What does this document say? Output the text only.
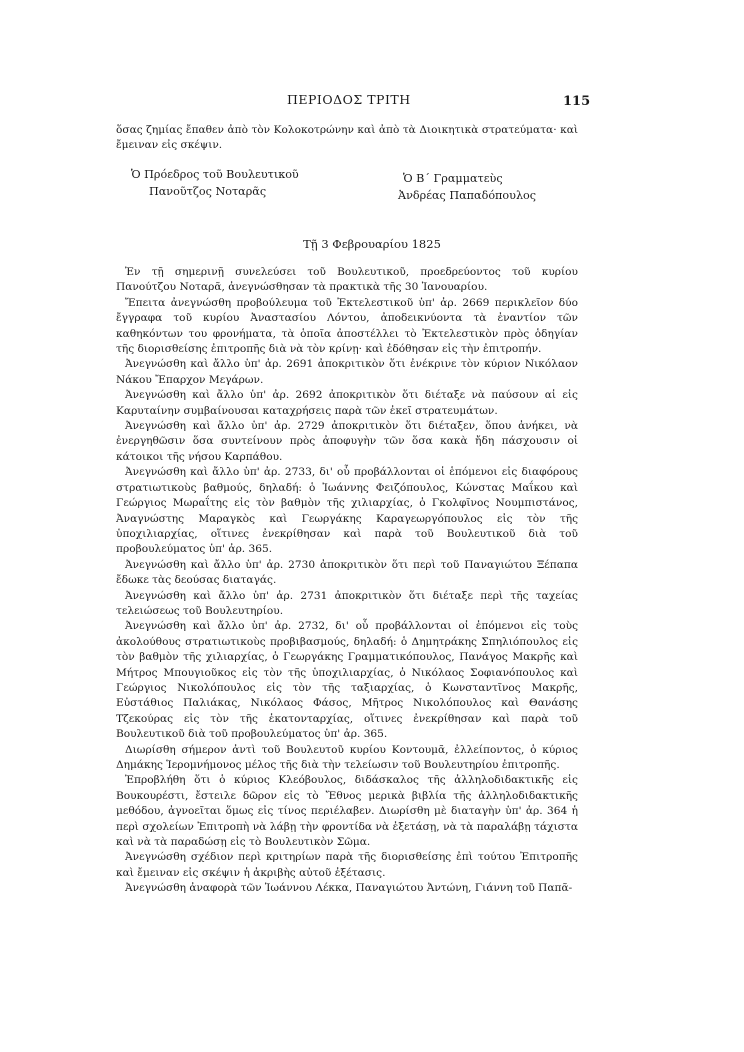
ΠΕΡΙΟΔΟΣ ΤΡΙΤΗ	115

ὅσας ζημίας ἔπαθεν ἀπὸ τὸν Κολοκοτρώνην καὶ ἀπὸ τὰ Διοικητικὰ στρατεύματα· καὶ ἔμειναν εἰς σκέψιν.

Ὁ Πρόεδρος τοῦ Βουλευτικοῦ
Πανοῦτζος Νοταρᾶς
Ὁ Β΄ Γραμματεὺς
Ἀνδρέας Παπαδόπουλος
Τῇ 3 Φεβρουαρίου 1825

Ἐν τῇ σημερινῇ συνελεύσει τοῦ Βουλευτικοῦ, προεδρεύοντος τοῦ κυρίου Πανούτζου Νοταρᾶ, ἀνεγνώσθησαν τὰ πρακτικὰ τῆς 30 Ἰανουαρίου.

Ἔπειτα ἀνεγνώσθη προβούλευμα τοῦ Ἐκτελεστικοῦ ὑπ' ἀρ. 2669 περικλεῖον δύο ἔγγραφα τοῦ κυρίου Ἀναστασίου Λόντου, ἀποδεικνύοντα τὰ ἐναντίον τῶν καθηκόντων του φρονήματα, τὰ ὁποῖα ἀποστέλλει τὸ Ἐκτελεστικὸν πρὸς ὁδηγίαν τῆς διορισθείσης ἐπιτροπῆς διὰ νὰ τὸν κρίνῃ· καὶ ἐδόθησαν εἰς τὴν ἐπιτροπήν.

Ἀνεγνώσθη καὶ ἄλλο ὑπ' ἀρ. 2691 ἀποκριτικὸν ὅτι ἐνέκρινε τὸν κύριον Νικόλαον Νάκου Ἔπαρχον Μεγάρων.

Ἀνεγνώσθη καὶ ἄλλο ὑπ' ἀρ. 2692 ἀποκριτικὸν ὅτι διέταξε νὰ παύσουν αἱ εἰς Καρυταίνην συμβαίνουσαι καταχρήσεις παρὰ τῶν ἐκεῖ στρατευμάτων.

Ἀνεγνώσθη καὶ ἄλλο ὑπ' ἀρ. 2729 ἀποκριτικὸν ὅτι διέταξεν, ὅπου ἀνήκει, νὰ ἐνεργηθῶσιν ὅσα συντείνουν πρὸς ἀποφυγὴν τῶν ὅσα κακὰ ἤδη πάσχουσιν οἱ κάτοικοι τῆς νήσου Καρπάθου.

Ἀνεγνώσθη καὶ ἄλλο ὑπ' ἀρ. 2733, δι' οὗ προβάλλονται οἱ ἑπόμενοι εἰς διαφόρους στρατιωτικοὺς βαθμούς, δηλαδή: ὁ Ἰωάννης Φειζόπουλος, Κώνστας Μαΐκου καὶ Γεώργιος Μωραΐτης εἰς τὸν βαθμὸν τῆς χιλιαρχίας, ὁ Γκολφῖνος Νουμπιστάνος, Ἀναγνώστης Μαραγκὸς καὶ Γεωργάκης Καραγεωργόπουλος εἰς τὸν τῆς ὑποχιλιαρχίας, οἵτινες ἐνεκρίθησαν καὶ παρὰ τοῦ Βουλευτικοῦ διὰ τοῦ προβουλεύματος ὑπ' ἀρ. 365.

Ἀνεγνώσθη καὶ ἄλλο ὑπ' ἀρ. 2730 ἀποκριτικὸν ὅτι περὶ τοῦ Παναγιώτου Ξέπαπα ἔδωκε τὰς δεούσας διαταγάς.

Ἀνεγνώσθη καὶ ἄλλο ὑπ' ἀρ. 2731 ἀποκριτικὸν ὅτι διέταξε περὶ τῆς ταχείας τελειώσεως τοῦ Βουλευτηρίου.

Ἀνεγνώσθη καὶ ἄλλο ὑπ' ἀρ. 2732, δι' οὗ προβάλλονται οἱ ἑπόμενοι εἰς τοὺς ἀκολούθους στρατιωτικοὺς προβιβασμούς, δηλαδή: ὁ Δημητράκης Σπηλιόπουλος εἰς τὸν βαθμὸν τῆς χιλιαρχίας, ὁ Γεωργάκης Γραμματικόπουλος, Πανάγος Μακρῆς καὶ Μήτρος Μπουγιοῦκος εἰς τὸν τῆς ὑποχιλιαρχίας, ὁ Νικόλαος Σοφιανόπουλος καὶ Γεώργιος Νικολόπουλος εἰς τὸν τῆς ταξιαρχίας, ὁ Κωνσταντῖνος Μακρῆς, Εὐστάθιος Παλιάκας, Νικόλαος Φάσος, Μῆτρος Νικολόπουλος καὶ Θανάσης Τζεκούρας εἰς τὸν τῆς ἑκατονταρχίας, οἵτινες ἐνεκρίθησαν καὶ παρὰ τοῦ Βουλευτικοῦ διὰ τοῦ προβουλεύματος ὑπ' ἀρ. 365.

Διωρίσθη σήμερον ἀντὶ τοῦ Βουλευτοῦ κυρίου Κοντουμᾶ, ἐλλείποντος, ὁ κύριος Δημάκης Ἱερομνήμονος μέλος τῆς διὰ τὴν τελείωσιν τοῦ Βουλευτηρίου ἐπιτροπῆς.

Ἐπροβλήθη ὅτι ὁ κύριος Κλεόβουλος, διδάσκαλος τῆς ἀλληλοδιδακτικῆς εἰς Βουκουρέστι, ἔστειλε δῶρον εἰς τὸ Ἔθνος μερικὰ βιβλία τῆς ἀλληλοδιδακτικῆς μεθόδου, ἀγνοεῖται ὅμως εἰς τίνος περιέλαβεν. Διωρίσθη μὲ διαταγὴν ὑπ' ἀρ. 364 ἡ περὶ σχολείων Ἐπιτροπὴ νὰ λάβῃ τὴν φροντίδα νὰ ἐξετάσῃ, νὰ τὰ παραλάβῃ τάχιστα καὶ νὰ τὰ παραδώσῃ εἰς τὸ Βουλευτικὸν Σῶμα.

Ἀνεγνώσθη σχέδιον περὶ κριτηρίων παρὰ τῆς διορισθείσης ἐπὶ τούτου Ἐπιτροπῆς καὶ ἔμειναν εἰς σκέψιν ἡ ἀκριβὴς αὐτοῦ ἐξέτασις.

Ἀνεγνώσθη ἀναφορὰ τῶν Ἰωάννου Λέκκα, Παναγιώτου Ἀντώνη, Γιάννη τοῦ Παπᾶ-
